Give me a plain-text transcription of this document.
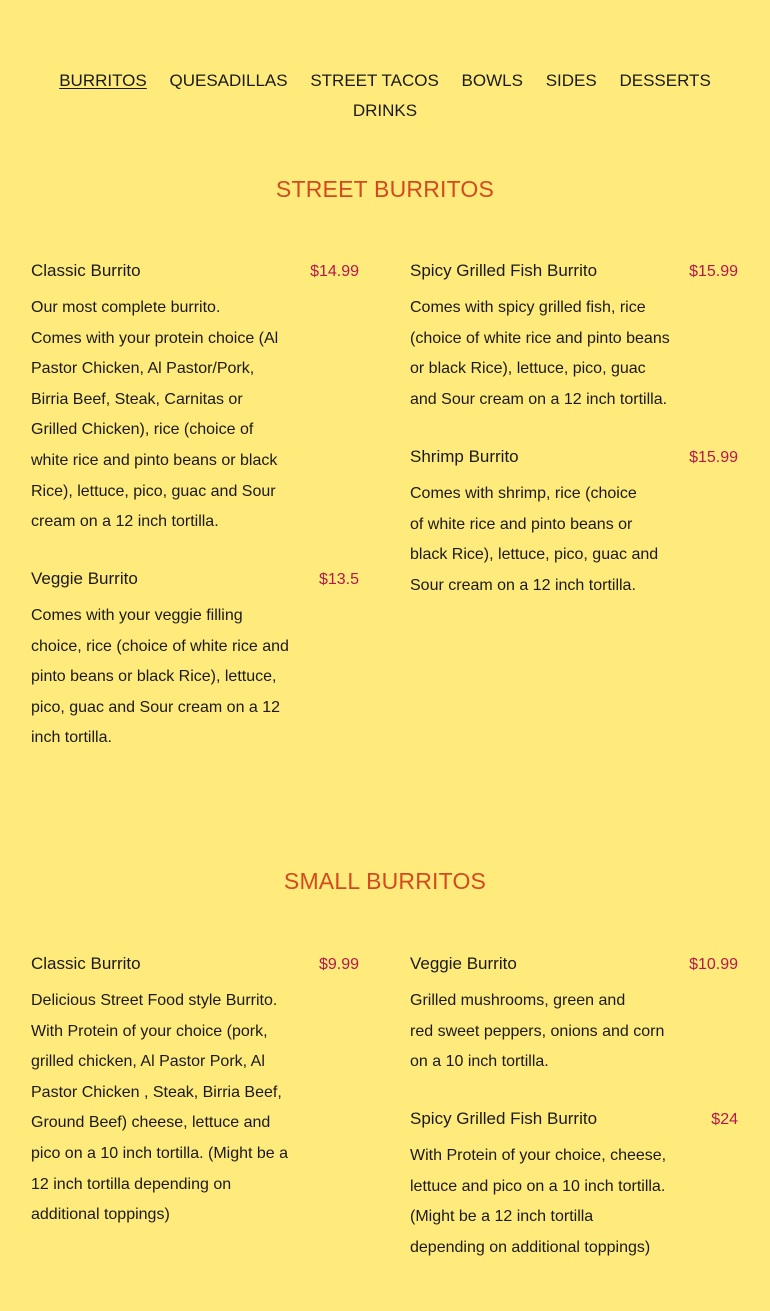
BURRITOS QUESADILLAS STREET TACOS BOWLS SIDES DESSERTS
DRINKS
STREET BURRITOS
Classic Burrito	$14.99
Our most complete burrito.
Comes with your protein choice (Al
Pastor Chicken, Al Pastor/Pork,
Birria Beef, Steak, Carnitas or
Grilled Chicken), rice (choice of
white rice and pinto beans or black
Rice), lettuce, pico, guac and Sour
cream on a 12 inch tortilla.
Veggie Burrito	$13.5
Comes with your veggie filling
choice, rice (choice of white rice and
pinto beans or black Rice), lettuce,
pico, guac and Sour cream on a 12
inch tortilla.
Spicy Grilled Fish Burrito	$15.99
Comes with spicy grilled fish, rice
(choice of white rice and pinto beans
or black Rice), lettuce, pico, guac
and Sour cream on a 12 inch tortilla.
Shrimp Burrito	$15.99
Comes with shrimp, rice (choice
of white rice and pinto beans or
black Rice), lettuce, pico, guac and
Sour cream on a 12 inch tortilla.
SMALL BURRITOS
Classic Burrito	$9.99
Delicious Street Food style Burrito.
With Protein of your choice (pork,
grilled chicken, Al Pastor Pork, Al
Pastor Chicken , Steak, Birria Beef,
Ground Beef) cheese, lettuce and
pico on a 10 inch tortilla. (Might be a
12 inch tortilla depending on
additional toppings)
Veggie Burrito	$10.99
Grilled mushrooms, green and
red sweet peppers, onions and corn
on a 10 inch tortilla.
Spicy Grilled Fish Burrito	$24
With Protein of your choice, cheese,
lettuce and pico on a 10 inch tortilla.
(Might be a 12 inch tortilla
depending on additional toppings)
